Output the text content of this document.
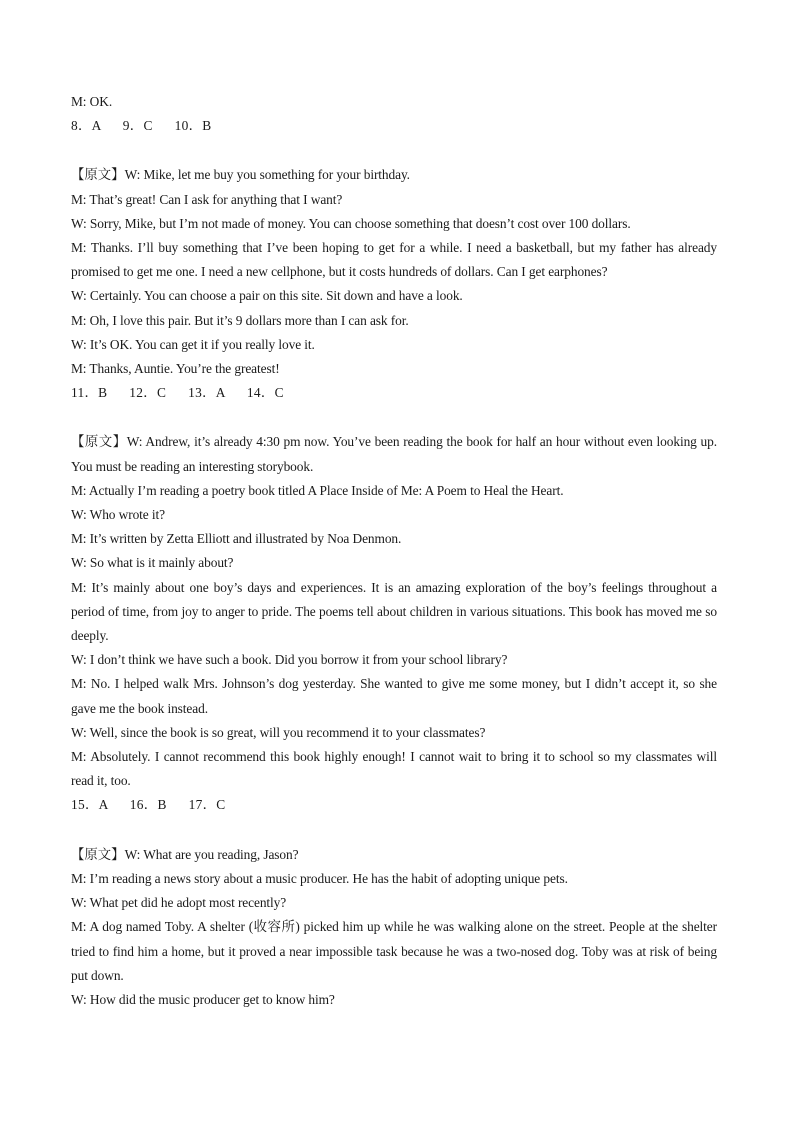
M: OK.
8．A      9．C      10．B
【原文】W: Mike, let me buy you something for your birthday.
M: That’s great! Can I ask for anything that I want?
W: Sorry, Mike, but I’m not made of money. You can choose something that doesn’t cost over 100 dollars.
M: Thanks. I’ll buy something that I’ve been hoping to get for a while. I need a basketball, but my father has already promised to get me one. I need a new cellphone, but it costs hundreds of dollars. Can I get earphones?
W: Certainly. You can choose a pair on this site. Sit down and have a look.
M: Oh, I love this pair. But it’s 9 dollars more than I can ask for.
W: It’s OK. You can get it if you really love it.
M: Thanks, Auntie. You’re the greatest!
11．B      12．C      13．A      14．C
【原文】W: Andrew, it’s already 4:30 pm now. You’ve been reading the book for half an hour without even looking up. You must be reading an interesting storybook.
M: Actually I’m reading a poetry book titled A Place Inside of Me: A Poem to Heal the Heart.
W: Who wrote it?
M: It’s written by Zetta Elliott and illustrated by Noa Denmon.
W: So what is it mainly about?
M: It’s mainly about one boy’s days and experiences. It is an amazing exploration of the boy’s feelings throughout a period of time, from joy to anger to pride. The poems tell about children in various situations. This book has moved me so deeply.
W: I don’t think we have such a book. Did you borrow it from your school library?
M: No. I helped walk Mrs. Johnson’s dog yesterday. She wanted to give me some money, but I didn’t accept it, so she gave me the book instead.
W: Well, since the book is so great, will you recommend it to your classmates?
M: Absolutely. I cannot recommend this book highly enough! I cannot wait to bring it to school so my classmates will read it, too.
15．A      16．B      17．C
【原文】W: What are you reading, Jason?
M: I’m reading a news story about a music producer. He has the habit of adopting unique pets.
W: What pet did he adopt most recently?
M: A dog named Toby. A shelter (收容所) picked him up while he was walking alone on the street. People at the shelter tried to find him a home, but it proved a near impossible task because he was a two-nosed dog. Toby was at risk of being put down.
W: How did the music producer get to know him?
